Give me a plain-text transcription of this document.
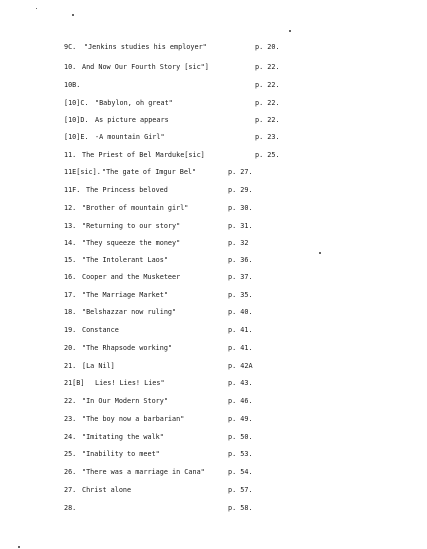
9C. "Jenkins studies his employer"	p. 20.
10. And Now Our Fourth Story [sic"]	p. 22.
10B.	p. 22.
[10]C. "Babylon, oh great"	p. 22.
[10]D. As picture appears	p. 22.
[10]E. -A mountain Girl"	p. 23.
11. The Priest of Bel Marduke[sic]	p. 25.
11E[sic]. "The gate of Imgur Bel"	p. 27.
11F. The Princess beloved	p. 29.
12. "Brother of mountain girl"	p. 30.
13. "Returning to our story"	p. 31.
14. "They squeeze the money"	p. 32
15. "The Intolerant Laos"	p. 36.
16. Cooper and the Musketeer	p. 37.
17. "The Marriage Market"	p. 35.
18. "Belshazzar now ruling"	p. 40.
19. Constance	p. 41.
20. "The Rhapsode working"	p. 41.
21. [La Nil]	p. 42A
21[B] Lies! Lies! Lies"	p. 43.
22. "In Our Modern Story"	p. 46.
23. "The boy now a barbarian"	p. 49.
24. "Imitating the walk"	p. 50.
25. "Inability to meet"	p. 53.
26. "There was a marriage in Cana"	p. 54.
27. Christ alone	p. 57.
28.	p. 58.
